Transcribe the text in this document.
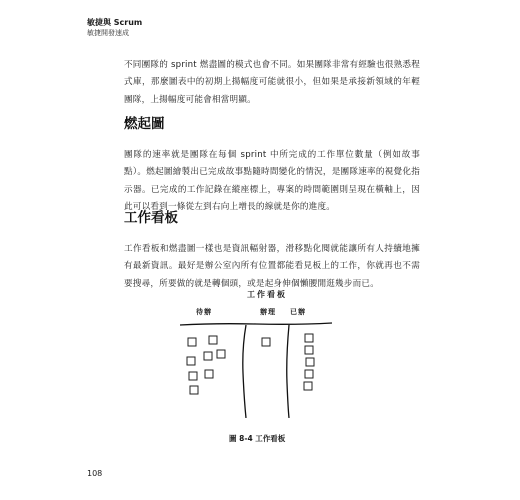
敏捷與 Scrum
敏捷開發速成

不同團隊的 sprint 燃盡圖的模式也會不同。如果團隊非常有經驗也很熟悉程式庫，那麼圖表中的初期上揚幅度可能就很小，但如果是承接新領域的年輕團隊，上揚幅度可能會相當明顯。

燃起圖

團隊的速率就是團隊在每個 sprint 中所完成的工作單位數量（例如故事點）。燃起圖繪製出已完成故事點隨時間變化的情況，是團隊速率的視覺化指示器。已完成的工作記錄在縱座標上，專案的時間範圍則呈現在橫軸上，因此可以看到一條從左到右向上增長的線就是你的進度。

工作看板

工作看板和燃盡圖一樣也是資訊輻射器，滑移點化閱就能讓所有人持續地擁有最新資訊。最好是辦公室內所有位置都能看見板上的工作，你就再也不需要搜尋，所要做的就是轉個頭，或是起身伸個懶腰閒逛幾步而已。

工作看板
待辦	辦理 已辦
圖 8-4 工作看板
108
